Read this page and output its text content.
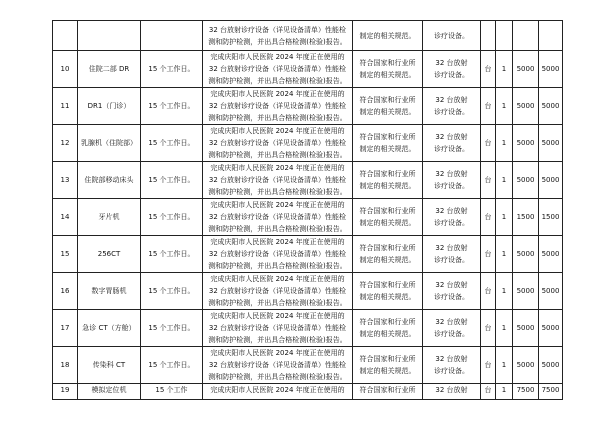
			32 台放射诊疗设备（详见设备清单）性能检
测和防护检测，并出具合格检测(检验)报告。	制定的相关规范。	诊疗设备。				

10	住院二部 DR	15 个工作日。	完成庆阳市人民医院 2024 年度正在使用的
32 台放射诊疗设备（详见设备清单）性能检
测和防护检测，并出具合格检测(检验)报告。	符合国家和行业所
制定的相关规范。	32 台放射
诊疗设备。	台	1	5000	5000
11	DR1（门诊）	15 个工作日。	完成庆阳市人民医院 2024 年度正在使用的
32 台放射诊疗设备（详见设备清单）性能检
测和防护检测，并出具合格检测(检验)报告。	符合国家和行业所
制定的相关规范。	32 台放射
诊疗设备。	台	1	5000	5000
12	乳腺机（住院部）	15 个工作日。	完成庆阳市人民医院 2024 年度正在使用的
32 台放射诊疗设备（详见设备清单）性能检
测和防护检测，并出具合格检测(检验)报告。	符合国家和行业所
制定的相关规范。	32 台放射
诊疗设备。	台	1	5000	5000
13	住院部移动床头	15 个工作日。	完成庆阳市人民医院 2024 年度正在使用的
32 台放射诊疗设备（详见设备清单）性能检
测和防护检测，并出具合格检测(检验)报告。	符合国家和行业所
制定的相关规范。	32 台放射
诊疗设备。	台	1	5000	5000
14	牙片机	15 个工作日。	完成庆阳市人民医院 2024 年度正在使用的
32 台放射诊疗设备（详见设备清单）性能检
测和防护检测，并出具合格检测(检验)报告。	符合国家和行业所
制定的相关规范。	32 台放射
诊疗设备。	台	1	1500	1500
15	256CT	15 个工作日。	完成庆阳市人民医院 2024 年度正在使用的
32 台放射诊疗设备（详见设备清单）性能检
测和防护检测，并出具合格检测(检验)报告。	符合国家和行业所
制定的相关规范。	32 台放射
诊疗设备。	台	1	5000	5000
16	数字胃肠机	15 个工作日。	完成庆阳市人民医院 2024 年度正在使用的
32 台放射诊疗设备（详见设备清单）性能检
测和防护检测，并出具合格检测(检验)报告。	符合国家和行业所
制定的相关规范。	32 台放射
诊疗设备。	台	1	5000	5000
17	急诊 CT（方舱）	15 个工作日。	完成庆阳市人民医院 2024 年度正在使用的
32 台放射诊疗设备（详见设备清单）性能检
测和防护检测，并出具合格检测(检验)报告。	符合国家和行业所
制定的相关规范。	32 台放射
诊疗设备。	台	1	5000	5000
18	传染科 CT	15 个工作日。	完成庆阳市人民医院 2024 年度正在使用的
32 台放射诊疗设备（详见设备清单）性能检
测和防护检测，并出具合格检测(检验)报告。	符合国家和行业所
制定的相关规范。	32 台放射
诊疗设备。	台	1	5000	5000
19	模拟定位机	15 个工作	完成庆阳市人民医院 2024 年度正在使用的	符合国家和行业所	32 台放射	台	1	7500	7500
